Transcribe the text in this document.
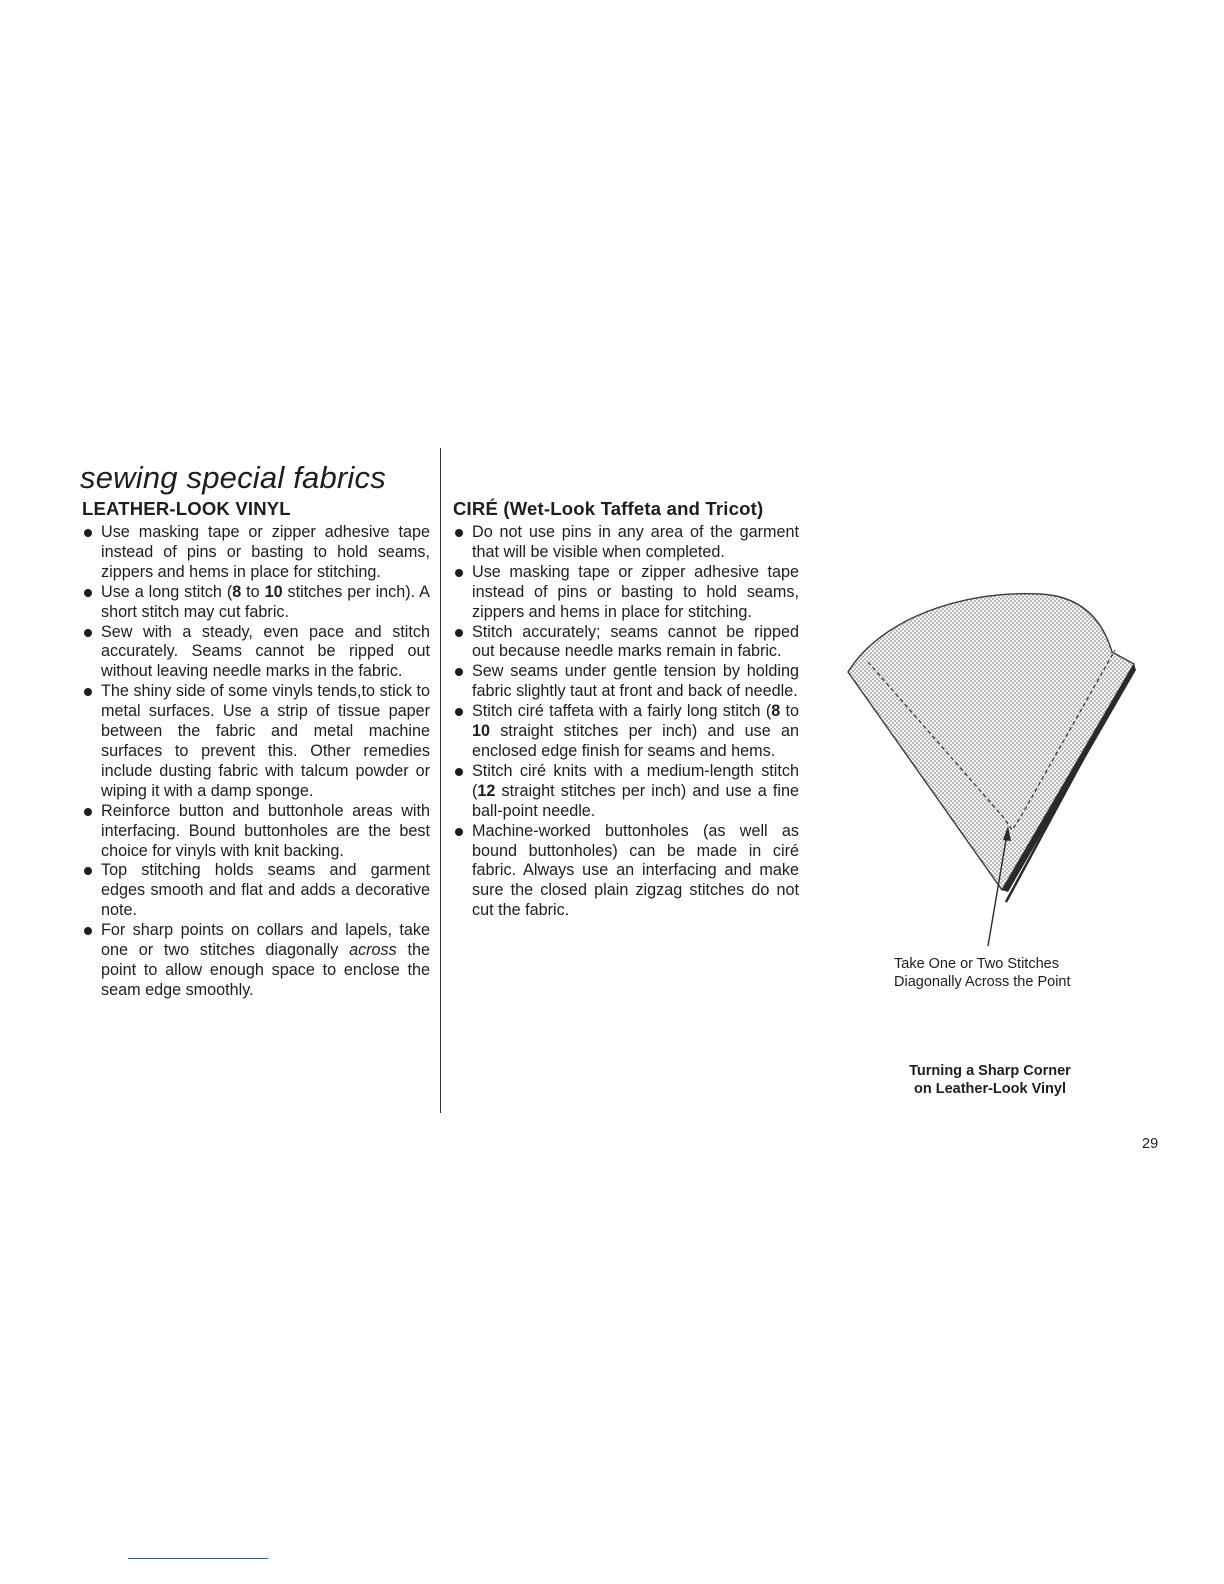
sewing special fabrics
LEATHER-LOOK VINYL
Use masking tape or zipper adhesive tape instead of pins or basting to hold seams, zippers and hems in place for stitching.
Use a long stitch (8 to 10 stitches per inch). A short stitch may cut fabric.
Sew with a steady, even pace and stitch accurately. Seams cannot be ripped out without leaving needle marks in the fabric.
The shiny side of some vinyls tends,to stick to metal surfaces. Use a strip of tissue paper between the fabric and metal machine surfaces to prevent this. Other remedies include dusting fabric with talcum powder or wiping it with a damp sponge.
Reinforce button and buttonhole areas with interfacing. Bound buttonholes are the best choice for vinyls with knit backing.
Top stitching holds seams and garment edges smooth and flat and adds a decorative note.
For sharp points on collars and lapels, take one or two stitches diagonally across the point to allow enough space to enclose the seam edge smoothly.
CIRÉ (Wet-Look Taffeta and Tricot)
Do not use pins in any area of the garment that will be visible when completed.
Use masking tape or zipper adhesive tape instead of pins or basting to hold seams, zippers and hems in place for stitching.
Stitch accurately; seams cannot be ripped out because needle marks remain in fabric.
Sew seams under gentle tension by holding fabric slightly taut at front and back of needle.
Stitch ciré taffeta with a fairly long stitch (8 to 10 straight stitches per inch) and use an enclosed edge finish for seams and hems.
Stitch ciré knits with a medium-length stitch (12 straight stitches per inch) and use a fine ball-point needle.
Machine-worked buttonholes (as well as bound buttonholes) can be made in ciré fabric. Always use an interfacing and make sure the closed plain zigzag stitches do not cut the fabric.

Take One or Two Stitches
Diagonally Across the Point

Turning a Sharp Corner
on Leather-Look Vinyl

29
